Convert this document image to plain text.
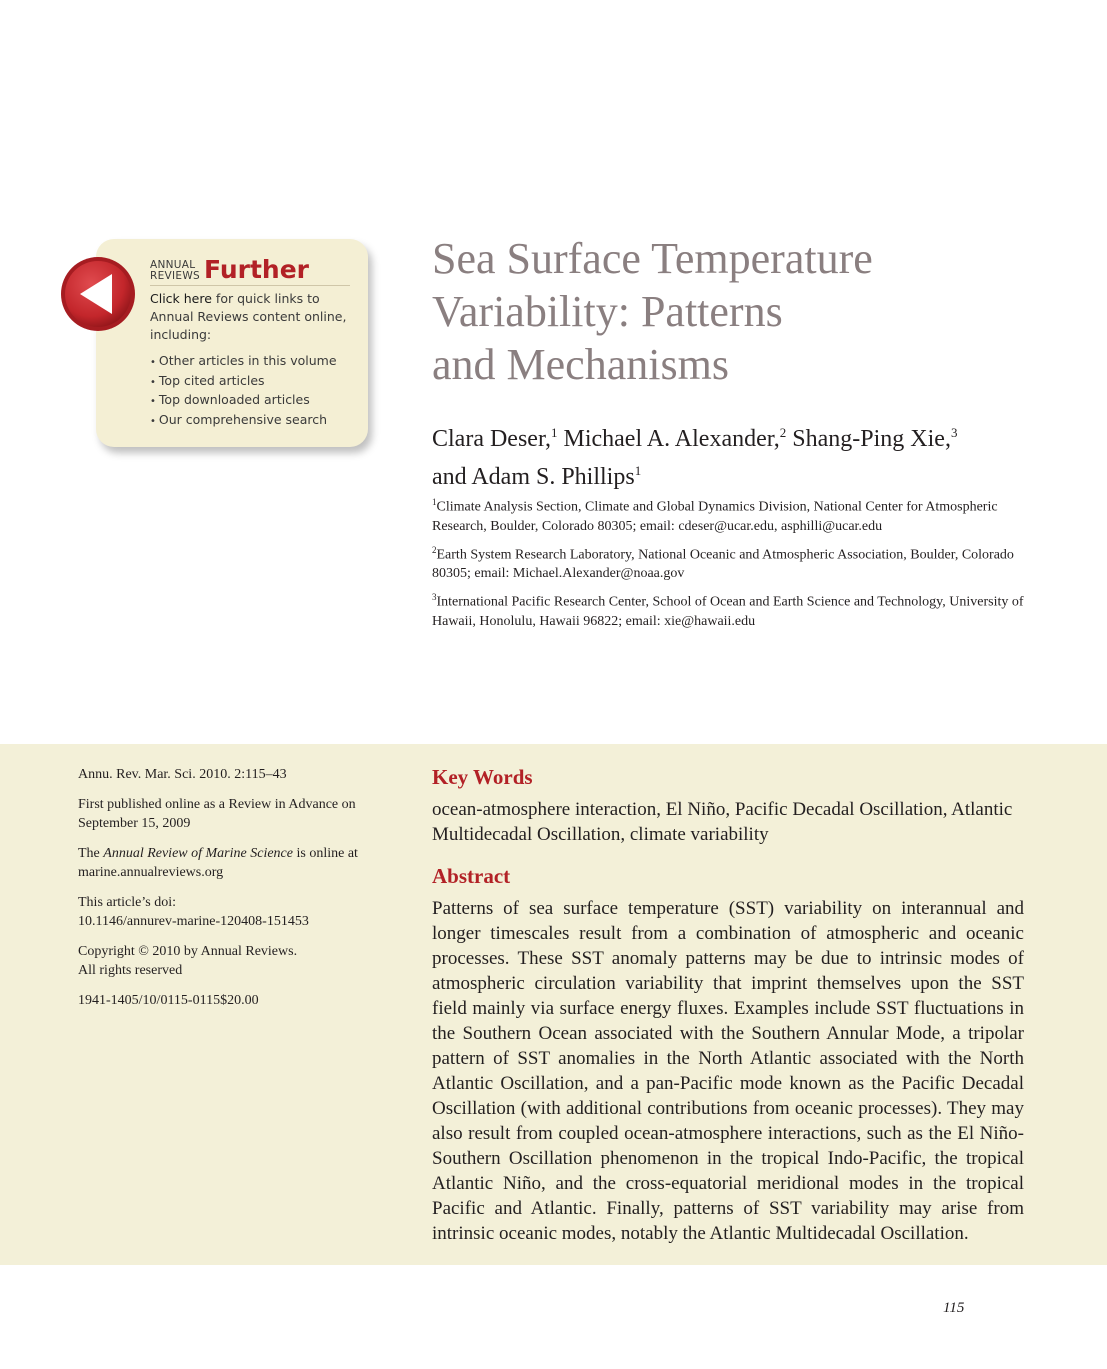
ANNUAL
REVIEWS Further
Click here for quick links to Annual Reviews content online, including:
• Other articles in this volume
• Top cited articles
• Top downloaded articles
• Our comprehensive search
Sea Surface Temperature
Variability: Patterns
and Mechanisms
Clara Deser,$^1$ Michael A. Alexander,$^2$ Shang-Ping Xie,$^3$
and Adam S. Phillips$^1$
$^1$Climate Analysis Section, Climate and Global Dynamics Division, National Center for Atmospheric Research, Boulder, Colorado 80305; email: cdeser@ucar.edu, asphilli@ucar.edu
$^2$Earth System Research Laboratory, National Oceanic and Atmospheric Association, Boulder, Colorado 80305; email: Michael.Alexander@noaa.gov
$^3$International Pacific Research Center, School of Ocean and Earth Science and Technology, University of Hawaii, Honolulu, Hawaii 96822; email: xie@hawaii.edu

Annu. Rev. Mar. Sci. 2010. 2:115–43

First published online as a Review in Advance on September 15, 2009

The Annual Review of Marine Science is online at marine.annualreviews.org

This article’s doi:
10.1146/annurev-marine-120408-151453

Copyright © 2010 by Annual Reviews.
All rights reserved

1941-1405/10/0115-0115$20.00

Key Words
ocean-atmosphere interaction, El Niño, Pacific Decadal Oscillation, Atlantic Multidecadal Oscillation, climate variability
Abstract

Patterns of sea surface temperature (SST) variability on interannual and longer timescales result from a combination of atmospheric and oceanic processes. These SST anomaly patterns may be due to intrinsic modes of atmospheric circulation variability that imprint themselves upon the SST field mainly via surface energy fluxes. Examples include SST fluctuations in the Southern Ocean associated with the Southern Annular Mode, a tripolar pattern of SST anomalies in the North Atlantic associated with the North Atlantic Oscillation, and a pan-Pacific mode known as the Pacific Decadal Oscillation (with additional contributions from oceanic processes). They may also result from coupled ocean-atmosphere interactions, such as the El Niño-Southern Oscillation phenomenon in the tropical Indo-Pacific, the tropical Atlantic Niño, and the cross-equatorial meridional modes in the tropical Pacific and Atlantic. Finally, patterns of SST variability may arise from intrinsic oceanic modes, notably the Atlantic Multidecadal Oscillation.

115
